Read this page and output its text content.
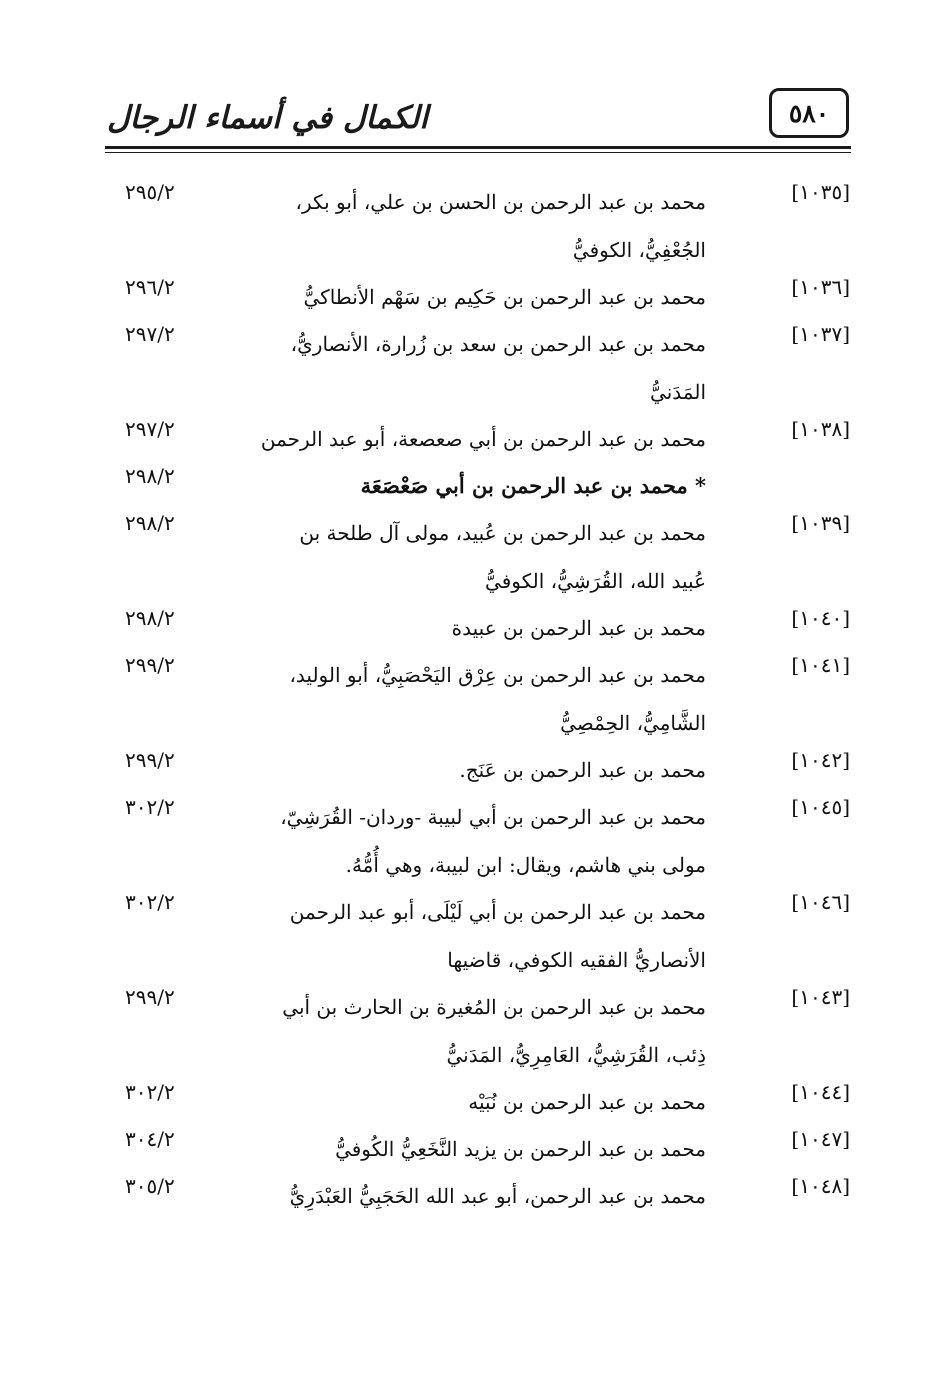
الكمال في أسماء الرجال	٥٨٠
[١٠٣٥]
محمد بن عبد الرحمن بن الحسن بن علي، أبو بكر،
الجُعْفِيُّ، الكوفيُّ
٢٩٥/٢
[١٠٣٦]
محمد بن عبد الرحمن بن حَكِيم بن سَهْم الأنطاكيُّ
٢٩٦/٢
[١٠٣٧]
محمد بن عبد الرحمن بن سعد بن زُرارة، الأنصاريُّ،
المَدَنيُّ
٢٩٧/٢
[١٠٣٨]
محمد بن عبد الرحمن بن أبي صعصعة، أبو عبد الرحمن
٢٩٧/٢
* محمد بن عبد الرحمن بن أبي صَعْصَعَة
٢٩٨/٢
[١٠٣٩]
محمد بن عبد الرحمن بن عُبيد، مولى آل طلحة بن
عُبيد الله، القُرَشِيُّ، الكوفيُّ
٢٩٨/٢
[١٠٤٠]
محمد بن عبد الرحمن بن عبيدة
٢٩٨/٢
[١٠٤١]
محمد بن عبد الرحمن بن عِرْق اليَحْصَبِيُّ، أبو الوليد،
الشَّامِيُّ، الحِمْصِيُّ
٢٩٩/٢
[١٠٤٢]
محمد بن عبد الرحمن بن عَنَج.
٢٩٩/٢
[١٠٤٥]
محمد بن عبد الرحمن بن أبي لبيبة -وردان- القُرَشِيّ،
مولى بني هاشم، ويقال: ابن لبيبة، وهي أُمُّهُ.
٣٠٢/٢
[١٠٤٦]
محمد بن عبد الرحمن بن أبي لَيْلَى، أبو عبد الرحمن
الأنصاريُّ الفقيه الكوفي، قاضيها
٣٠٢/٢
[١٠٤٣]
محمد بن عبد الرحمن بن المُغيرة بن الحارث بن أبي
ذِئب، القُرَشِيُّ، العَامِرِيُّ، المَدَنيُّ
٢٩٩/٢
[١٠٤٤]
محمد بن عبد الرحمن بن نُبَيْه
٣٠٢/٢
[١٠٤٧]
محمد بن عبد الرحمن بن يزيد النَّخَعِيُّ الكُوفيُّ
٣٠٤/٢
[١٠٤٨]
محمد بن عبد الرحمن، أبو عبد الله الحَجَبِيُّ العَبْدَرِيُّ
٣٠٥/٢
